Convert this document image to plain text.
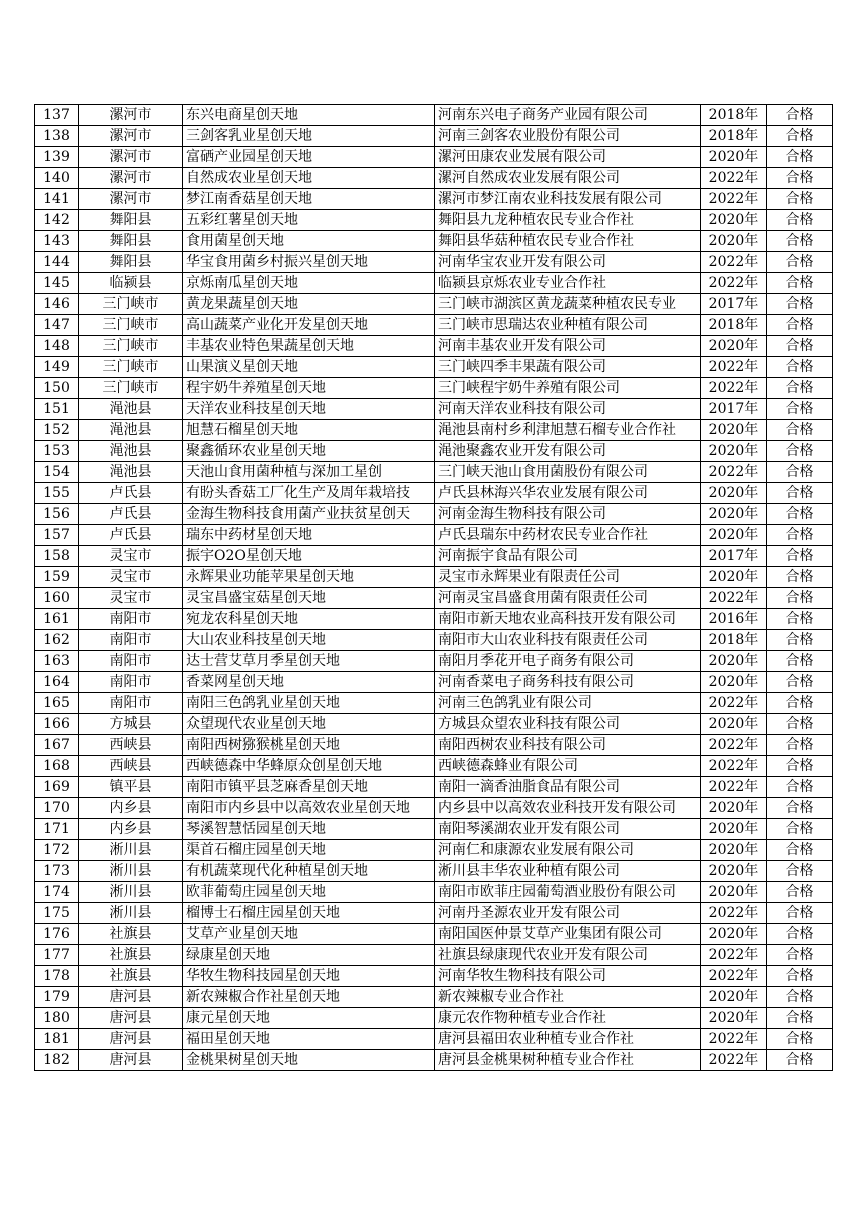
137	漯河市	东兴电商星创天地	河南东兴电子商务产业园有限公司	2018年	合格
138	漯河市	三剑客乳业星创天地	河南三剑客农业股份有限公司	2018年	合格
139	漯河市	富硒产业园星创天地	漯河田康农业发展有限公司	2020年	合格
140	漯河市	自然成农业星创天地	漯河自然成农业发展有限公司	2022年	合格
141	漯河市	梦江南香菇星创天地	漯河市梦江南农业科技发展有限公司	2022年	合格
142	舞阳县	五彩红薯星创天地	舞阳县九龙种植农民专业合作社	2020年	合格
143	舞阳县	食用菌星创天地	舞阳县华菇种植农民专业合作社	2020年	合格
144	舞阳县	华宝食用菌乡村振兴星创天地	河南华宝农业开发有限公司	2022年	合格
145	临颍县	京烁南瓜星创天地	临颍县京烁农业专业合作社	2022年	合格
146	三门峡市	黄龙果蔬星创天地	三门峡市湖滨区黄龙蔬菜种植农民专业	2017年	合格
147	三门峡市	高山蔬菜产业化开发星创天地	三门峡市思瑞达农业种植有限公司	2018年	合格
148	三门峡市	丰基农业特色果蔬星创天地	河南丰基农业开发有限公司	2020年	合格
149	三门峡市	山果演义星创天地	三门峡四季丰果蔬有限公司	2022年	合格
150	三门峡市	程宇奶牛养殖星创天地	三门峡程宇奶牛养殖有限公司	2022年	合格
151	渑池县	天洋农业科技星创天地	河南天洋农业科技有限公司	2017年	合格
152	渑池县	旭慧石榴星创天地	渑池县南村乡利津旭慧石榴专业合作社	2020年	合格
153	渑池县	聚鑫循环农业星创天地	渑池聚鑫农业开发有限公司	2020年	合格
154	渑池县	天池山食用菌种植与深加工星创	三门峡天池山食用菌股份有限公司	2022年	合格
155	卢氏县	有盼头香菇工厂化生产及周年栽培技	卢氏县林海兴华农业发展有限公司	2020年	合格
156	卢氏县	金海生物科技食用菌产业扶贫星创天	河南金海生物科技有限公司	2020年	合格
157	卢氏县	瑞东中药材星创天地	卢氏县瑞东中药材农民专业合作社	2020年	合格
158	灵宝市	振宇O2O星创天地	河南振宇食品有限公司	2017年	合格
159	灵宝市	永辉果业功能苹果星创天地	灵宝市永辉果业有限责任公司	2020年	合格
160	灵宝市	灵宝昌盛宝菇星创天地	河南灵宝昌盛食用菌有限责任公司	2022年	合格
161	南阳市	宛龙农科星创天地	南阳市新天地农业高科技开发有限公司	2016年	合格
162	南阳市	大山农业科技星创天地	南阳市大山农业科技有限责任公司	2018年	合格
163	南阳市	达士营艾草月季星创天地	南阳月季花开电子商务有限公司	2020年	合格
164	南阳市	香菜网星创天地	河南香菜电子商务科技有限公司	2020年	合格
165	南阳市	南阳三色鸽乳业星创天地	河南三色鸽乳业有限公司	2022年	合格
166	方城县	众望现代农业星创天地	方城县众望农业科技有限公司	2020年	合格
167	西峡县	南阳西树猕猴桃星创天地	南阳西树农业科技有限公司	2022年	合格
168	西峡县	西峡德森中华蜂原众创星创天地	西峡德森蜂业有限公司	2022年	合格
169	镇平县	南阳市镇平县芝麻香星创天地	南阳一滴香油脂食品有限公司	2022年	合格
170	内乡县	南阳市内乡县中以高效农业星创天地	内乡县中以高效农业科技开发有限公司	2020年	合格
171	内乡县	琴溪智慧恬园星创天地	南阳琴溪湖农业开发有限公司	2020年	合格
172	淅川县	渠首石榴庄园星创天地	河南仁和康源农业发展有限公司	2020年	合格
173	淅川县	有机蔬菜现代化种植星创天地	淅川县丰华农业种植有限公司	2020年	合格
174	淅川县	欧菲葡萄庄园星创天地	南阳市欧菲庄园葡萄酒业股份有限公司	2020年	合格
175	淅川县	榴博士石榴庄园星创天地	河南丹圣源农业开发有限公司	2022年	合格
176	社旗县	艾草产业星创天地	南阳国医仲景艾草产业集团有限公司	2020年	合格
177	社旗县	绿康星创天地	社旗县绿康现代农业开发有限公司	2022年	合格
178	社旗县	华牧生物科技园星创天地	河南华牧生物科技有限公司	2022年	合格
179	唐河县	新农辣椒合作社星创天地	新农辣椒专业合作社	2020年	合格
180	唐河县	康元星创天地	康元农作物种植专业合作社	2020年	合格
181	唐河县	福田星创天地	唐河县福田农业种植专业合作社	2022年	合格
182	唐河县	金桃果树星创天地	唐河县金桃果树种植专业合作社	2022年	合格
